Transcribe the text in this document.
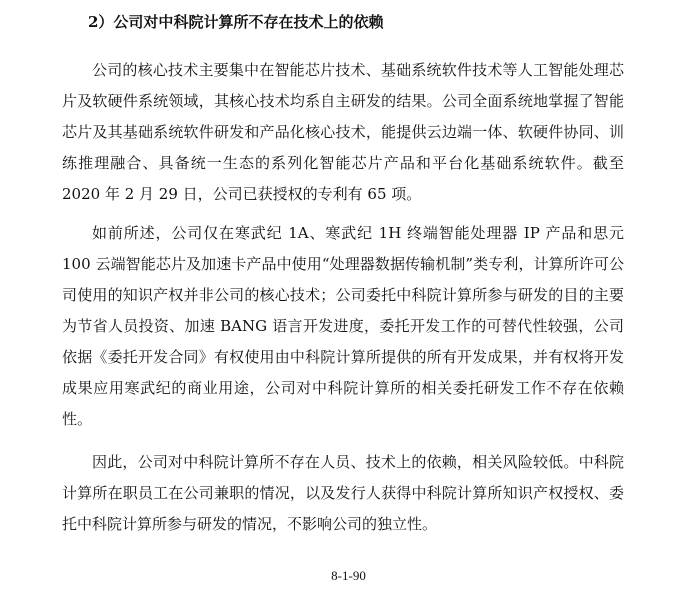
2）公司对中科院计算所不存在技术上的依赖

公司的核心技术主要集中在智能芯片技术、基础系统软件技术等人工智能处理芯片及软硬件系统领域，其核心技术均系自主研发的结果。公司全面系统地掌握了智能芯片及其基础系统软件研发和产品化核心技术，能提供云边端一体、软硬件协同、训练推理融合、具备统一生态的系列化智能芯片产品和平台化基础系统软件。截至 2020 年 2 月 29 日，公司已获授权的专利有 65 项。

如前所述，公司仅在寒武纪 1A、寒武纪 1H 终端智能处理器 IP 产品和思元 100 云端智能芯片及加速卡产品中使用“处理器数据传输机制”类专利，计算所许可公司使用的知识产权并非公司的核心技术；公司委托中科院计算所参与研发的目的主要为节省人员投资、加速 BANG 语言开发进度，委托开发工作的可替代性较强，公司依据《委托开发合同》有权使用由中科院计算所提供的所有开发成果，并有权将开发成果应用寒武纪的商业用途，公司对中科院计算所的相关委托研发工作不存在依赖性。

因此，公司对中科院计算所不存在人员、技术上的依赖，相关风险较低。中科院计算所在职员工在公司兼职的情况，以及发行人获得中科院计算所知识产权授权、委托中科院计算所参与研发的情况，不影响公司的独立性。

8-1-90
